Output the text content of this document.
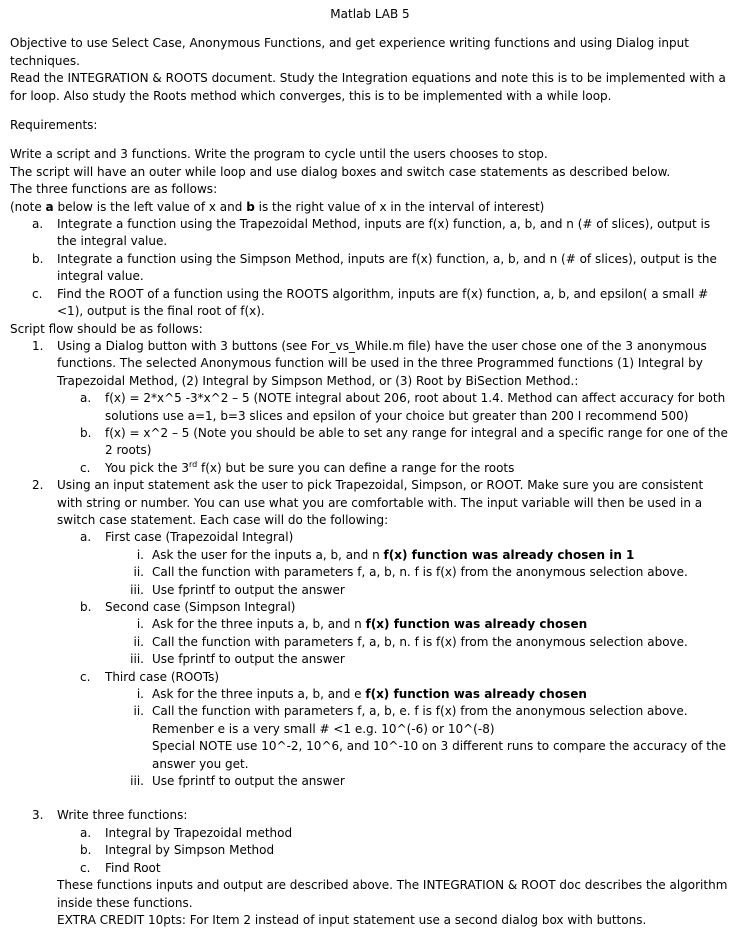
Matlab LAB 5

Objective to use Select Case, Anonymous Functions, and get experience writing functions and using Dialog input techniques.

Read the INTEGRATION & ROOTS document. Study the Integration equations and note this is to be implemented with a for loop. Also study the Roots method which converges, this is to be implemented with a while loop.

Requirements:

Write a script and 3 functions. Write the program to cycle until the users chooses to stop.

The script will have an outer while loop and use dialog boxes and switch case statements as described below.

The three functions are as follows:

(note a below is the left value of x and b is the right value of x in the interval of interest)

a.	Integrate a function using the Trapezoidal Method, inputs are f(x) function, a, b, and n (# of slices), output is the integral value.
b.	Integrate a function using the Simpson Method, inputs are f(x) function, a, b, and n (# of slices), output is the integral value.
c.	Find the ROOT of a function using the ROOTS algorithm, inputs are f(x) function, a, b, and epsilon( a small # <1), output is the final root of f(x).

Script flow should be as follows:

1.	Using a Dialog button with 3 buttons (see For_vs_While.m file) have the user chose one of the 3 anonymous functions. The selected Anonymous function will be used in the three Programmed functions (1) Integral by Trapezoidal Method, (2) Integral by Simpson Method, or (3) Root by BiSection Method.:
a.	f(x) = 2*x^5 -3*x^2 – 5 (NOTE integral about 206, root about 1.4. Method can affect accuracy for both solutions use a=1, b=3 slices and epsilon of your choice but greater than 200 I recommend 500)
b.	f(x) = x^2 – 5 (Note you should be able to set any range for integral and a specific range for one of the 2 roots)
c.	You pick the 3rd f(x) but be sure you can define a range for the roots
2.	Using an input statement ask the user to pick Trapezoidal, Simpson, or ROOT. Make sure you are consistent with string or number. You can use what you are comfortable with. The input variable will then be used in a switch case statement. Each case will do the following:
a.	First case (Trapezoidal Integral)
i. Ask the user for the inputs a, b, and n f(x) function was already chosen in 1
ii. Call the function with parameters f, a, b, n. f is f(x) from the anonymous selection above.
iii. Use fprintf to output the answer
b.	Second case (Simpson Integral)
i. Ask for the three inputs a, b, and n f(x) function was already chosen
ii. Call the function with parameters f, a, b, n. f is f(x) from the anonymous selection above.
iii. Use fprintf to output the answer
c.	Third case (ROOTs)
i. Ask for the three inputs a, b, and e f(x) function was already chosen
ii. Call the function with parameters f, a, b, e. f is f(x) from the anonymous selection above.
Remenber e is a very small # <1 e.g. 10^(-6) or 10^(-8)
Special NOTE use 10^-2, 10^6, and 10^-10 on 3 different runs to compare the accuracy of the answer you get.
iii. Use fprintf to output the answer
3.	Write three functions:
a.	Integral by Trapezoidal method
b.	Integral by Simpson Method
c.	Find Root
These functions inputs and output are described above. The INTEGRATION & ROOT doc describes the algorithm inside these functions.
EXTRA CREDIT 10pts: For Item 2 instead of input statement use a second dialog box with buttons.
